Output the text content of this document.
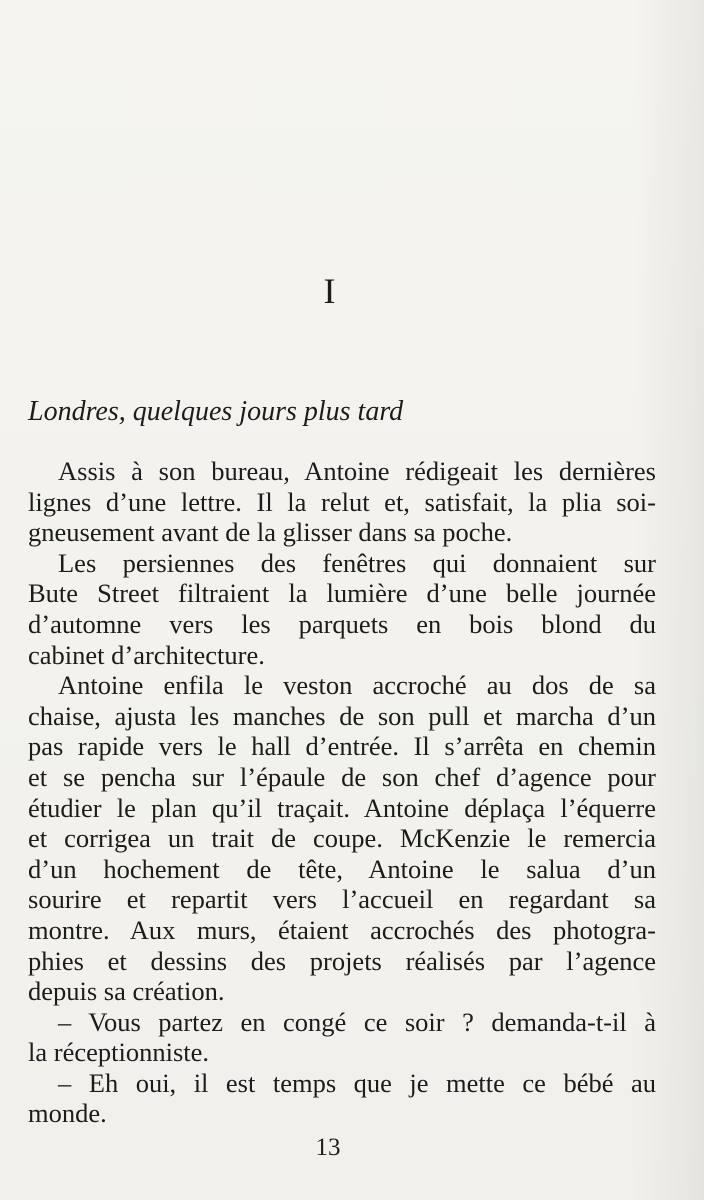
I
Londres, quelques jours plus tard
Assis à son bureau, Antoine rédigeait les dernières
lignes d’une lettre. Il la relut et, satisfait, la plia soi-
gneusement avant de la glisser dans sa poche.
Les persiennes des fenêtres qui donnaient sur
Bute Street filtraient la lumière d’une belle journée
d’automne vers les parquets en bois blond du
cabinet d’architecture.
Antoine enfila le veston accroché au dos de sa
chaise, ajusta les manches de son pull et marcha d’un
pas rapide vers le hall d’entrée. Il s’arrêta en chemin
et se pencha sur l’épaule de son chef d’agence pour
étudier le plan qu’il traçait. Antoine déplaça l’équerre
et corrigea un trait de coupe. McKenzie le remercia
d’un hochement de tête, Antoine le salua d’un
sourire et repartit vers l’accueil en regardant sa
montre. Aux murs, étaient accrochés des photogra-
phies et dessins des projets réalisés par l’agence
depuis sa création.
– Vous partez en congé ce soir ? demanda-t-il à
la réceptionniste.
– Eh oui, il est temps que je mette ce bébé au
monde.
13
